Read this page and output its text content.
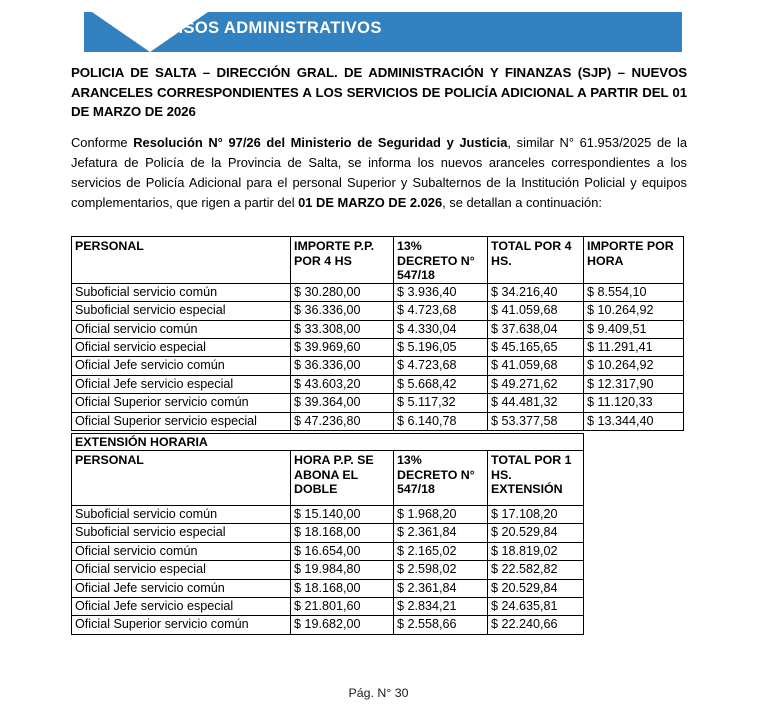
AVISOS ADMINISTRATIVOS
POLICIA DE SALTA – DIRECCIÓN GRAL. DE ADMINISTRACIÓN Y FINANZAS (SJP) – NUEVOS ARANCELES CORRESPONDIENTES A LOS SERVICIOS DE POLICÍA ADICIONAL A PARTIR DEL 01 DE MARZO DE 2026
Conforme Resolución N° 97/26 del Ministerio de Seguridad y Justicia, similar N° 61.953/2025 de la Jefatura de Policía de la Provincia de Salta, se informa los nuevos aranceles correspondientes a los servicios de Policía Adicional para el personal Superior y Subalternos de la Institución Policial y equipos complementarios, que rigen a partir del 01 DE MARZO DE 2.026, se detallan a continuación:
PERSONAL	IMPORTE P.P. POR 4 HS	13% DECRETO N° 547/18	TOTAL POR 4 HS.	IMPORTE POR HORA
Suboficial servicio común	$ 30.280,00	$ 3.936,40	$ 34.216,40	$ 8.554,10
Suboficial servicio especial	$ 36.336,00	$ 4.723,68	$ 41.059,68	$ 10.264,92
Oficial servicio común	$ 33.308,00	$ 4.330,04	$ 37.638,04	$ 9.409,51
Oficial servicio especial	$ 39.969,60	$ 5.196,05	$ 45.165,65	$ 11.291,41
Oficial Jefe servicio común	$ 36.336,00	$ 4.723,68	$ 41.059,68	$ 10.264,92
Oficial Jefe servicio especial	$ 43.603,20	$ 5.668,42	$ 49.271,62	$ 12.317,90
Oficial Superior servicio común	$ 39.364,00	$ 5.117,32	$ 44.481,32	$ 11.120,33
Oficial Superior servicio especial	$ 47.236,80	$ 6.140,78	$ 53.377,58	$ 13.344,40
EXTENSIÓN HORARIA			
PERSONAL	HORA P.P. SE ABONA EL DOBLE	13% DECRETO N° 547/18	TOTAL POR 1 HS. EXTENSIÓN
Suboficial servicio común	$ 15.140,00	$ 1.968,20	$ 17.108,20
Suboficial servicio especial	$ 18.168,00	$ 2.361,84	$ 20.529,84
Oficial servicio común	$ 16.654,00	$ 2.165,02	$ 18.819,02
Oficial servicio especial	$ 19.984,80	$ 2.598,02	$ 22.582,82
Oficial Jefe servicio común	$ 18.168,00	$ 2.361,84	$ 20.529,84
Oficial Jefe servicio especial	$ 21.801,60	$ 2.834,21	$ 24.635,81
Oficial Superior servicio común	$ 19.682,00	$ 2.558,66	$ 22.240,66
Pág. N° 30
